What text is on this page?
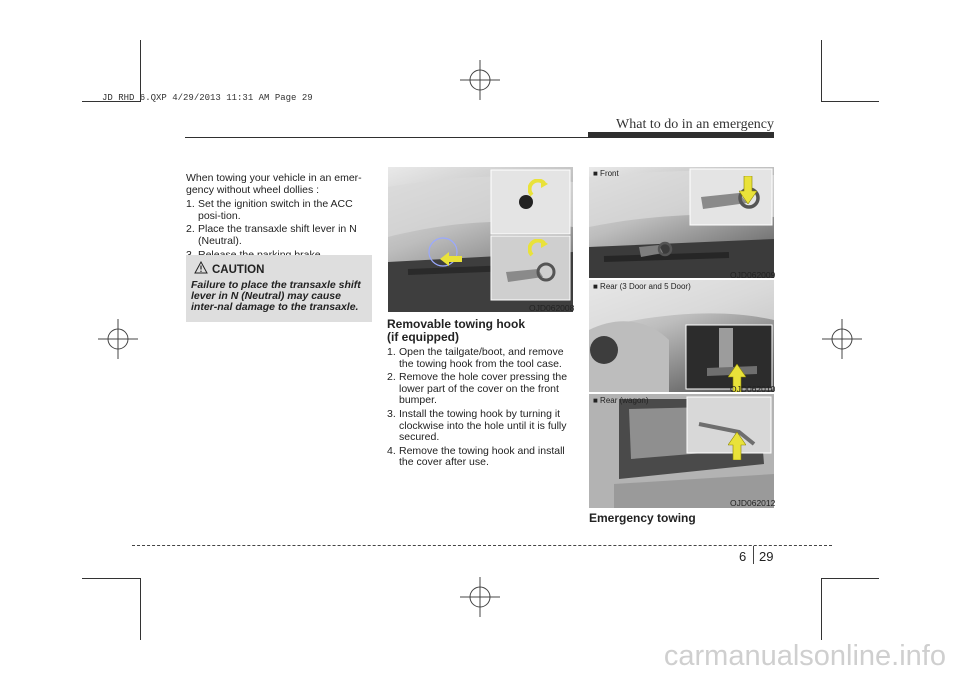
JD RHD 6.QXP 4/29/2013 11:31 AM Page 29
What to do in an emergency

When towing your vehicle in an emer-gency without wheel dollies :

1. Set the ignition switch in the ACC posi-tion.
2. Place the transaxle shift lever in N (Neutral).
CAUTION
Failure to place the transaxle shift lever in N (Neutral) may cause inter-nal damage to the transaxle.	OJD062008
Removable towing hook (if equipped)
1. Open the tailgate/boot, and remove the towing hook from the tool case.
2. Remove the hole cover pressing the lower part of the cover on the front bumper.
3. Install the towing hook by turning it clockwise into the hole until it is fully secured.
4. Remove the towing hook and install the cover after use.
■ Front
OJD062009
■ Rear (3 Door and 5 Door)
OJD062010
■ Rear (wagon)
OJD062012
Emergency towing
6 29
carmanualsonline.info
